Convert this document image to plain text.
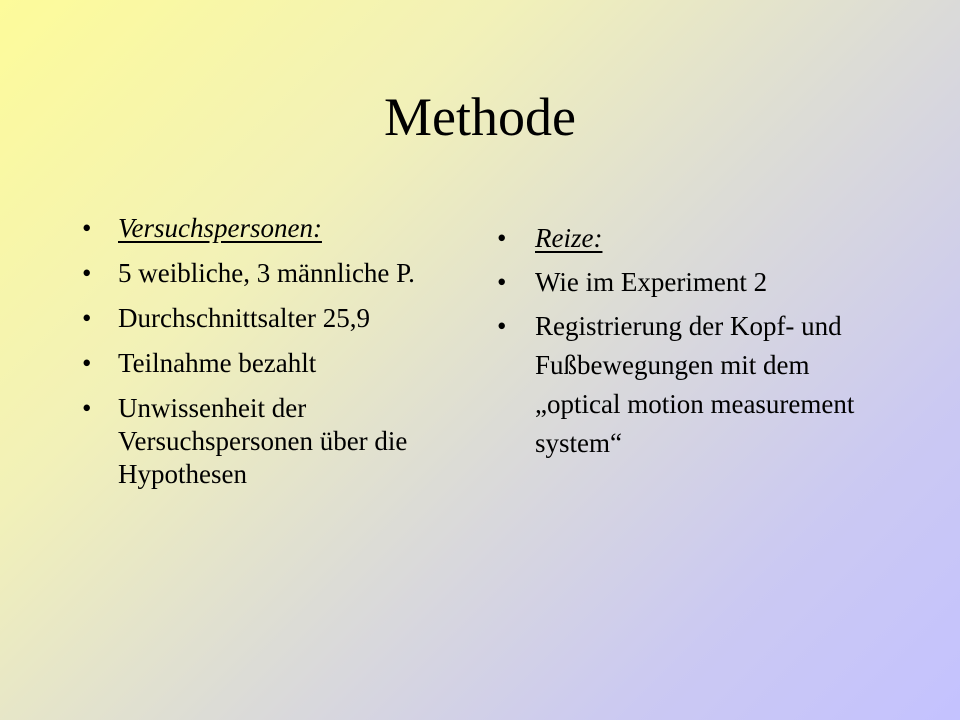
Methode
• Versuchspersonen:
• 5 weibliche, 3 männliche P.
• Durchschnittsalter 25,9
• Teilnahme bezahlt
• Unwissenheit der Versuchspersonen über die Hypothesen
• Reize:
• Wie im Experiment 2
• Registrierung der Kopf- und Fußbewegungen mit dem „optical motion measurement system“
